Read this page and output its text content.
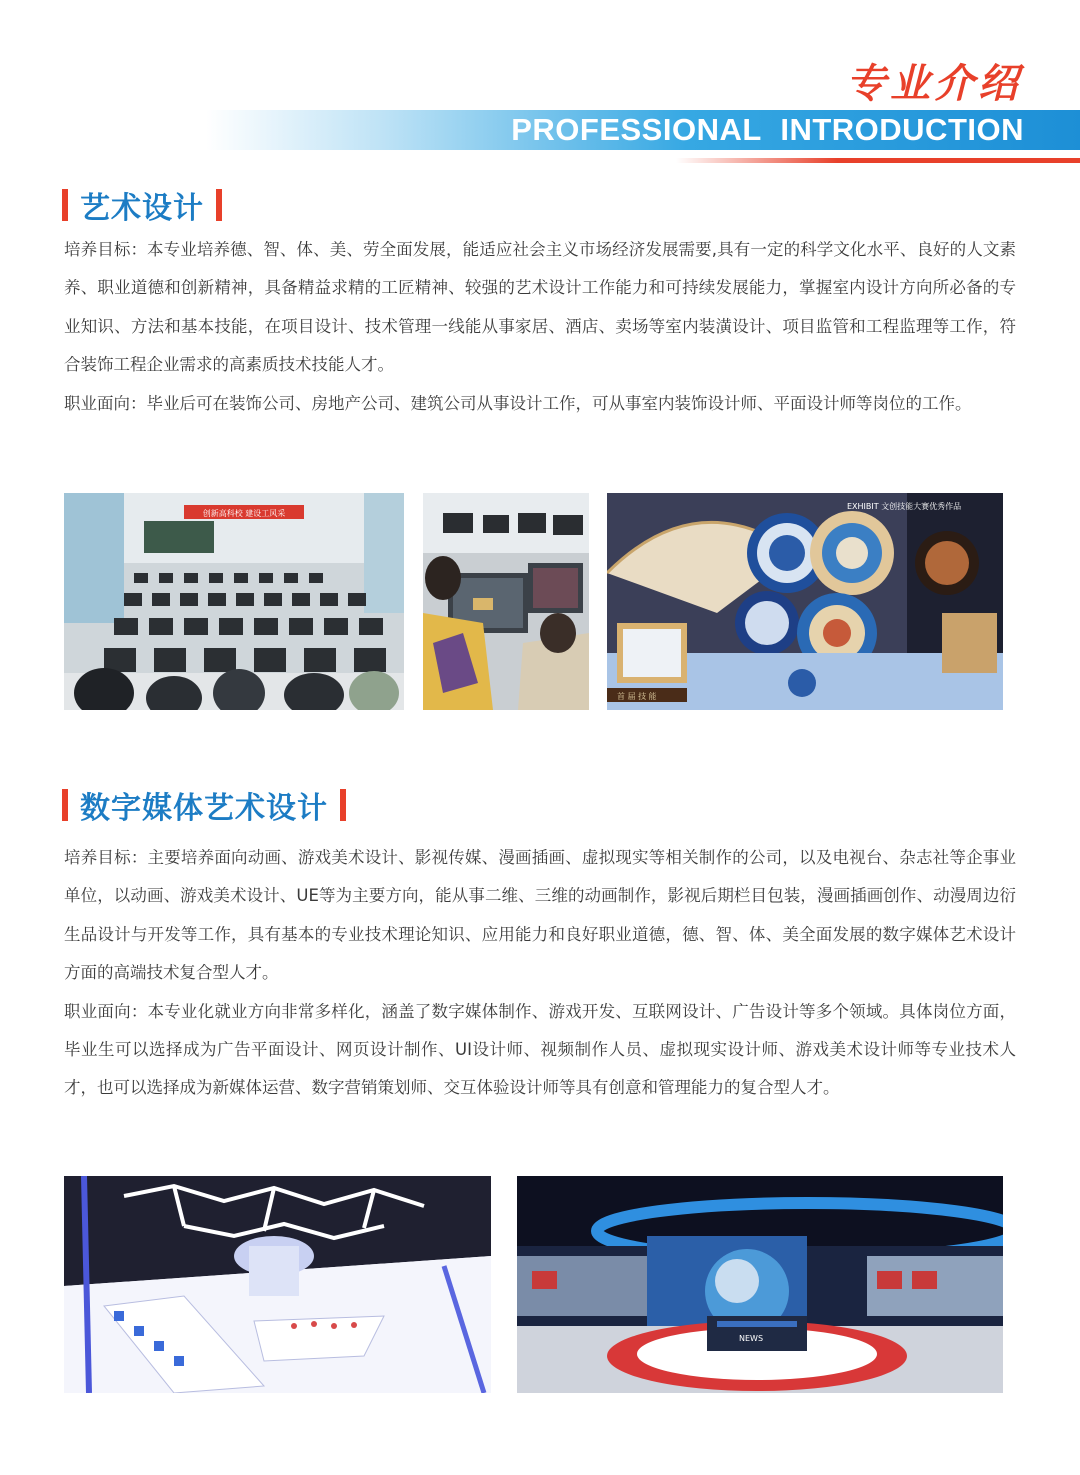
专业介绍
PROFESSIONAL INTRODUCTION
艺术设计

培养目标：本专业培养德、智、体、美、劳全面发展，能适应社会主义市场经济发展需要,具有一定的科学文化水平、良好的人文素养、职业道德和创新精神，具备精益求精的工匠精神、较强的艺术设计工作能力和可持续发展能力，掌握室内设计方向所必备的专业知识、方法和基本技能，在项目设计、技术管理一线能从事家居、酒店、卖场等室内装潢设计、项目监管和工程监理等工作，符合装饰工程企业需求的高素质技术技能人才。

职业面向：毕业后可在装饰公司、房地产公司、建筑公司从事设计工作，可从事室内装饰设计师、平面设计师等岗位的工作。

创新高科校 建设工风采
EXHIBIT 文创技能大赛优秀作品
首 届 技 能
数字媒体艺术设计

培养目标：主要培养面向动画、游戏美术设计、影视传媒、漫画插画、虚拟现实等相关制作的公司，以及电视台、杂志社等企事业单位，以动画、游戏美术设计、UE等为主要方向，能从事二维、三维的动画制作，影视后期栏目包装，漫画插画创作、动漫周边衍生品设计与开发等工作，具有基本的专业技术理论知识、应用能力和良好职业道德，德、智、体、美全面发展的数字媒体艺术设计方面的高端技术复合型人才。

职业面向：本专业化就业方向非常多样化，涵盖了数字媒体制作、游戏开发、互联网设计、广告设计等多个领域。具体岗位方面，毕业生可以选择成为广告平面设计、网页设计制作、UI设计师、视频制作人员、虚拟现实设计师、游戏美术设计师等专业技术人才，也可以选择成为新媒体运营、数字营销策划师、交互体验设计师等具有创意和管理能力的复合型人才。

NEWS
